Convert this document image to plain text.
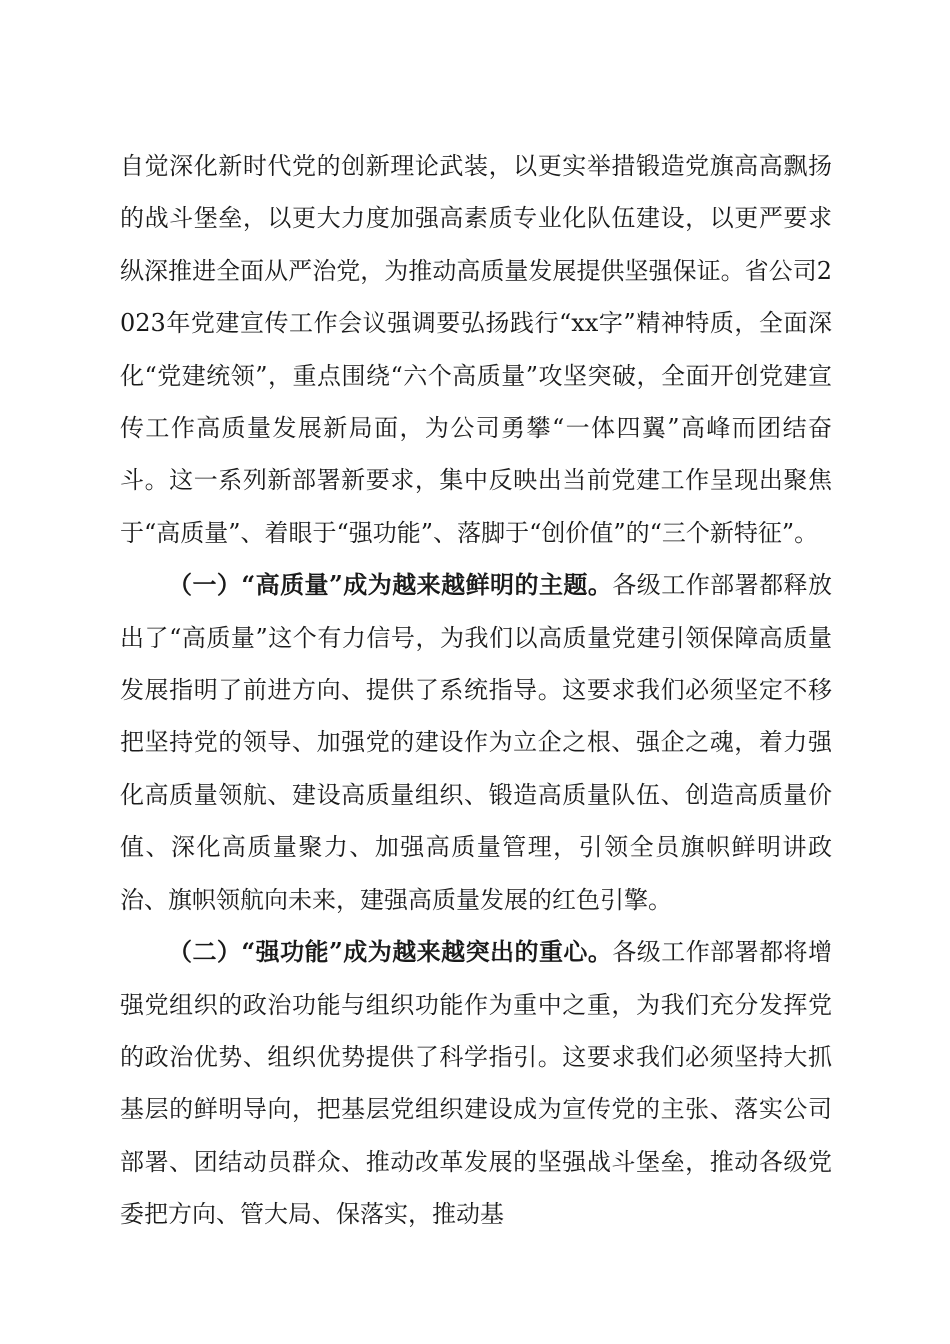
自觉深化新时代党的创新理论武装，以更实举措锻造党旗高高飘扬的战斗堡垒，以更大力度加强高素质专业化队伍建设，以更严要求纵深推进全面从严治党，为推动高质量发展提供坚强保证。省公司2023年党建宣传工作会议强调要弘扬践行“xx字”精神特质，全面深化“党建统领”，重点围绕“六个高质量”攻坚突破，全面开创党建宣传工作高质量发展新局面，为公司勇攀“一体四翼”高峰而团结奋斗。这一系列新部署新要求，集中反映出当前党建工作呈现出聚焦于“高质量”、着眼于“强功能”、落脚于“创价值”的“三个新特征”。

（一）“高质量”成为越来越鲜明的主题。各级工作部署都释放出了“高质量”这个有力信号，为我们以高质量党建引领保障高质量发展指明了前进方向、提供了系统指导。这要求我们必须坚定不移把坚持党的领导、加强党的建设作为立企之根、强企之魂，着力强化高质量领航、建设高质量组织、锻造高质量队伍、创造高质量价值、深化高质量聚力、加强高质量管理，引领全员旗帜鲜明讲政治、旗帜领航向未来，建强高质量发展的红色引擎。

（二）“强功能”成为越来越突出的重心。各级工作部署都将增强党组织的政治功能与组织功能作为重中之重，为我们充分发挥党的政治优势、组织优势提供了科学指引。这要求我们必须坚持大抓基层的鲜明导向，把基层党组织建设成为宣传党的主张、落实公司部署、团结动员群众、推动改革发展的坚强战斗堡垒，推动各级党委把方向、管大局、保落实，推动基
